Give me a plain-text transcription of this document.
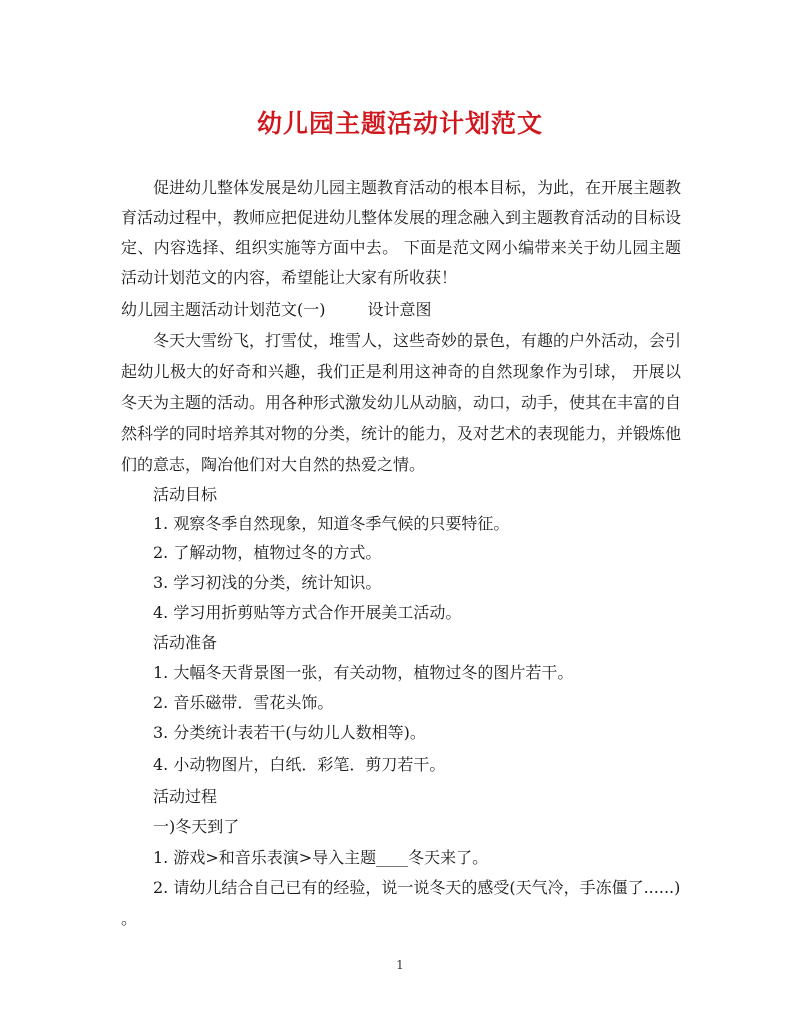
幼儿园主题活动计划范文

促进幼儿整体发展是幼儿园主题教育活动的根本目标，为此，在开展主题教育活动过程中，教师应把促进幼儿整体发展的理念融入到主题教育活动的目标设定、内容选择、组织实施等方面中去。 下面是范文网小编带来关于幼儿园主题活动计划范文的内容，希望能让大家有所收获！

幼儿园主题活动计划范文(一)	设计意图

冬天大雪纷飞，打雪仗，堆雪人，这些奇妙的景色，有趣的户外活动，会引起幼儿极大的好奇和兴趣，我们正是利用这神奇的自然现象作为引球， 开展以冬天为主题的活动。用各种形式激发幼儿从动脑，动口，动手，使其在丰富的自然科学的同时培养其对物的分类，统计的能力，及对艺术的表现能力，并锻炼他们的意志，陶冶他们对大自然的热爱之情。

活动目标

1. 观察冬季自然现象，知道冬季气候的只要特征。

2. 了解动物，植物过冬的方式。

3. 学习初浅的分类，统计知识。

4. 学习用折剪贴等方式合作开展美工活动。

活动准备

1. 大幅冬天背景图一张，有关动物，植物过冬的图片若干。

2. 音乐磁带．雪花头饰。

3. 分类统计表若干(与幼儿人数相等)。

4. 小动物图片，白纸．彩笔．剪刀若干。

活动过程

一)冬天到了

1. 游戏>和音乐表演>导入主题____冬天来了。

2. 请幼儿结合自己已有的经验，说一说冬天的感受(天气冷，手冻僵了......)

。
1
